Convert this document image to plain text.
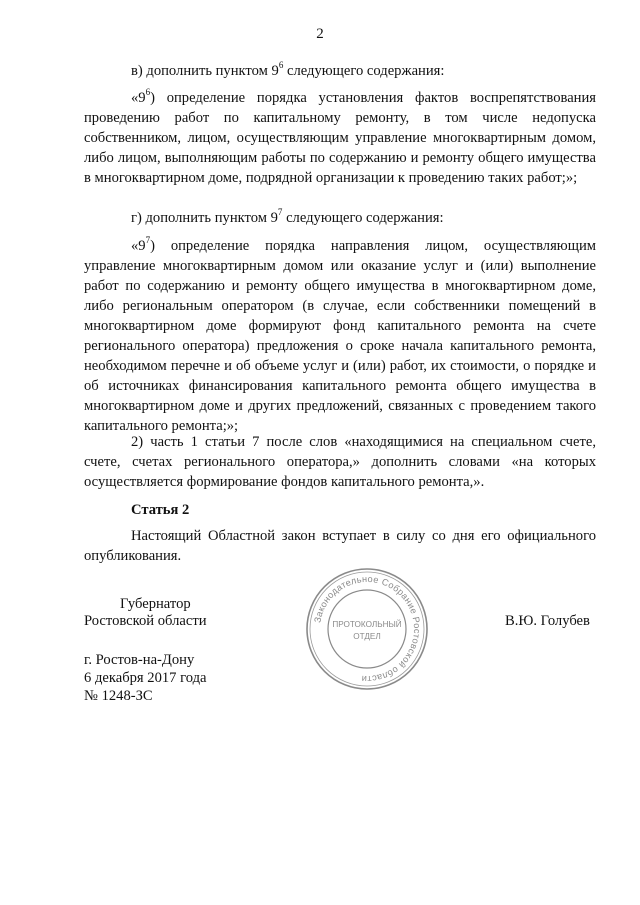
2

в) дополнить пунктом $9^6$ следующего содержания:

«$9^6$) определение порядка установления фактов воспрепятствования проведению работ по капитальному ремонту, в том числе недопуска собственником, лицом, осуществляющим управление многоквартирным домом, либо лицом, выполняющим работы по содержанию и ремонту общего имущества в многоквартирном доме, подрядной организации к проведению таких работ;»;

г) дополнить пунктом $9^7$ следующего содержания:

«$9^7$) определение порядка направления лицом, осуществляющим управление многоквартирным домом или оказание услуг и (или) выполнение работ по содержанию и ремонту общего имущества в многоквартирном доме, либо региональным оператором (в случае, если собственники помещений в многоквартирном доме формируют фонд капитального ремонта на счете регионального оператора) предложения о сроке начала капитального ремонта, необходимом перечне и об объеме услуг и (или) работ, их стоимости, о порядке и об источниках финансирования капитального ремонта общего имущества в многоквартирном доме и других предложений, связанных с проведением такого капитального ремонта;»;

2) часть 1 статьи 7 после слов «находящимися на специальном счете, счете, счетах регионального оператора,» дополнить словами «на которых осуществляется формирование фондов капитального ремонта,».

Статья 2

Настоящий Областной закон вступает в силу со дня его официального опубликования.

Губернатор
Ростовской области	В.Ю. Голубев
г. Ростов-на-Дону
6 декабря 2017 года
№ 1248-ЗС
Законодательное Собрание Ростовской области
ПРОТОКОЛЬНЫЙ
ОТДЕЛ
